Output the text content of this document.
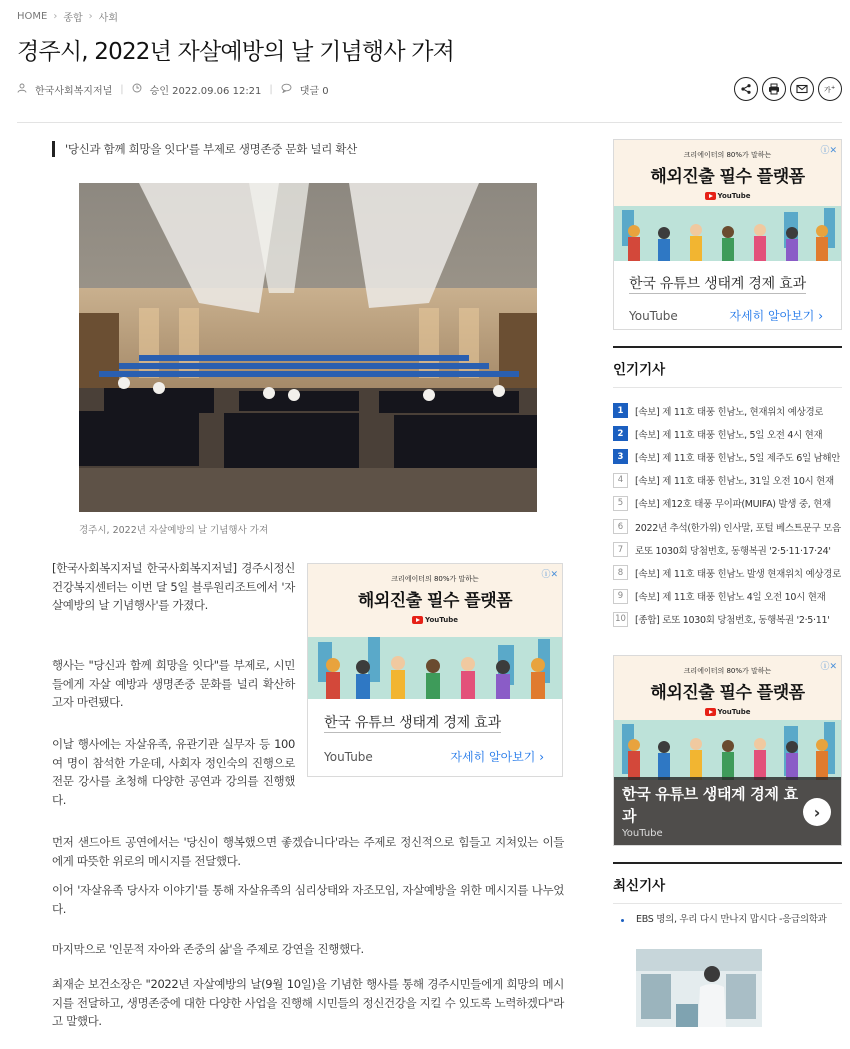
HOME › 종합 › 사회
경주시, 2022년 자살예방의 날 기념행사 가져
한국사회복지저널 |	승인 2022.09.06 12:21 |	댓글 0	가 +
'당신과 함께 희망을 잇다'를 부제로 생명존중 문화 널리 확산
경주시, 2022년 자살예방의 날 기념행사 가져

[한국사회복지저널 한국사회복지저널] 경주시정신건강복지센터는 이번 달 5일 블루원리조트에서 '자살예방의 날 기념행사'를 가졌다.

행사는 "당신과 함께 희망을 잇다"를 부제로, 시민들에게 자살 예방과 생명존중 문화를 널리 확산하고자 마련됐다.

이날 행사에는 자살유족, 유관기관 실무자 등 100여 명이 참석한 가운데, 사회자 정인숙의 진행으로 전문 강사를 초청해 다양한 공연과 강의를 진행했다.

먼저 샌드아트 공연에서는 '당신이 행복했으면 좋겠습니다'라는 주제로 정신적으로 힘들고 지쳐있는 이들에게 따뜻한 위로의 메시지를 전달했다.

이어 '자살유족 당사자 이야기'를 통해 자살유족의 심리상태와 자조모임, 자살예방을 위한 메시지를 나누었다.

마지막으로 '인문적 자아와 존중의 삶'을 주제로 강연을 진행했다.

최재순 보건소장은 "2022년 자살예방의 날(9월 10일)을 기념한 행사를 통해 경주시민들에게 희망의 메시지를 전달하고, 생명존중에 대한 다양한 사업을 진행해 시민들의 정신건강을 지킬 수 있도록 노력하겠다"라고 말했다.

크리에이터의 80%가 말하는
해외진출 필수 플랫폼
YouTube
ⓘ✕
한국 유튜브 생태계 경제 효과
YouTube	자세히 알아보기 ›
크리에이터의 80%가 말하는
해외진출 필수 플랫폼
YouTube
ⓘ✕
한국 유튜브 생태계 경제 효과
YouTube	자세히 알아보기 ›
인기기사
1	[속보] 제 11호 태풍 힌남노, 현재위치 예상경로
2	[속보] 제 11호 태풍 힌남노, 5일 오전 4시 현재
3	[속보] 제 11호 태풍 힌남노, 5일 제주도 6일 남해안
4	[속보] 제 11호 태풍 힌남노, 31일 오전 10시 현재
5	[속보] 제12호 태풍 무이파(MUIFA) 발생 중, 현재
6	2022년 추석(한가위) 인사말, 포털 베스트문구 모음
7	로또 1030회 당첨번호, 동행복권 '2·5·11·17·24'
8	[속보] 제 11호 태풍 힌남노 발생 현재위치 예상경로
9	[속보] 제 11호 태풍 힌남노 4일 오전 10시 현재
10 [종합] 로또 1030회 당첨번호, 동행복권 '2·5·11'
크리에이터의 80%가 말하는
해외진출 필수 플랫폼
YouTube
한국 유튜브 생태계 경제 효과
YouTube
›
ⓘ✕
최신기사
EBS 명의, 우리 다시 만나지 맙시다 -응급의학과
